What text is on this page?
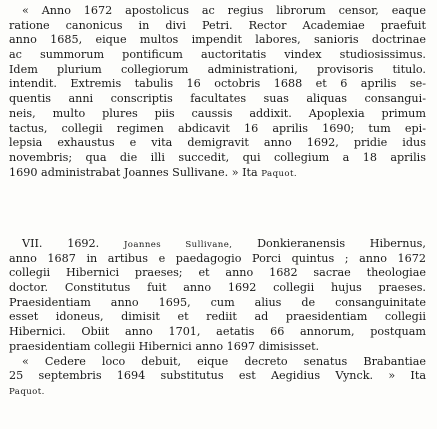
« Anno 1672 apostolicus ac regius librorum censor, eaque
ratione canonicus in divi Petri. Rector Academiae praefuit
anno 1685, eique multos impendit labores, sanioris doctrinae
ac summorum pontificum auctoritatis vindex studiosissimus.
Idem plurium collegiorum administrationi, provisoris titulo.
intendit. Extremis tabulis 16 octobris 1688 et 6 aprilis se-
quentis anni conscriptis facultates suas aliquas consangui-
neis, multo plures piis caussis addixit. Apoplexia primum
tactus, collegii regimen abdicavit 16 aprilis 1690; tum epi-
lepsia exhaustus e vita demigravit anno 1692, pridie idus
novembris; qua die illi succedit, qui collegium a 18 aprilis
1690 administrabat Joannes Sullivane. » Ita Paquot.
VII. 1692. Joannes Sullivane, Donkieranensis Hibernus,
anno 1687 in artibus e paedagogio Porci quintus ; anno 1672
collegii Hibernici praeses; et anno 1682 sacrae theologiae
doctor. Constitutus fuit anno 1692 collegii hujus praeses.
Praesidentiam anno 1695, cum alius de consanguinitate
esset idoneus, dimisit et rediit ad praesidentiam collegii
Hibernici. Obiit anno 1701, aetatis 66 annorum, postquam
praesidentiam collegii Hibernici anno 1697 dimisisset.
« Cedere loco debuit, eique decreto senatus Brabantiae
25 septembris 1694 substitutus est Aegidius Vynck. » Ita
Paquot.
